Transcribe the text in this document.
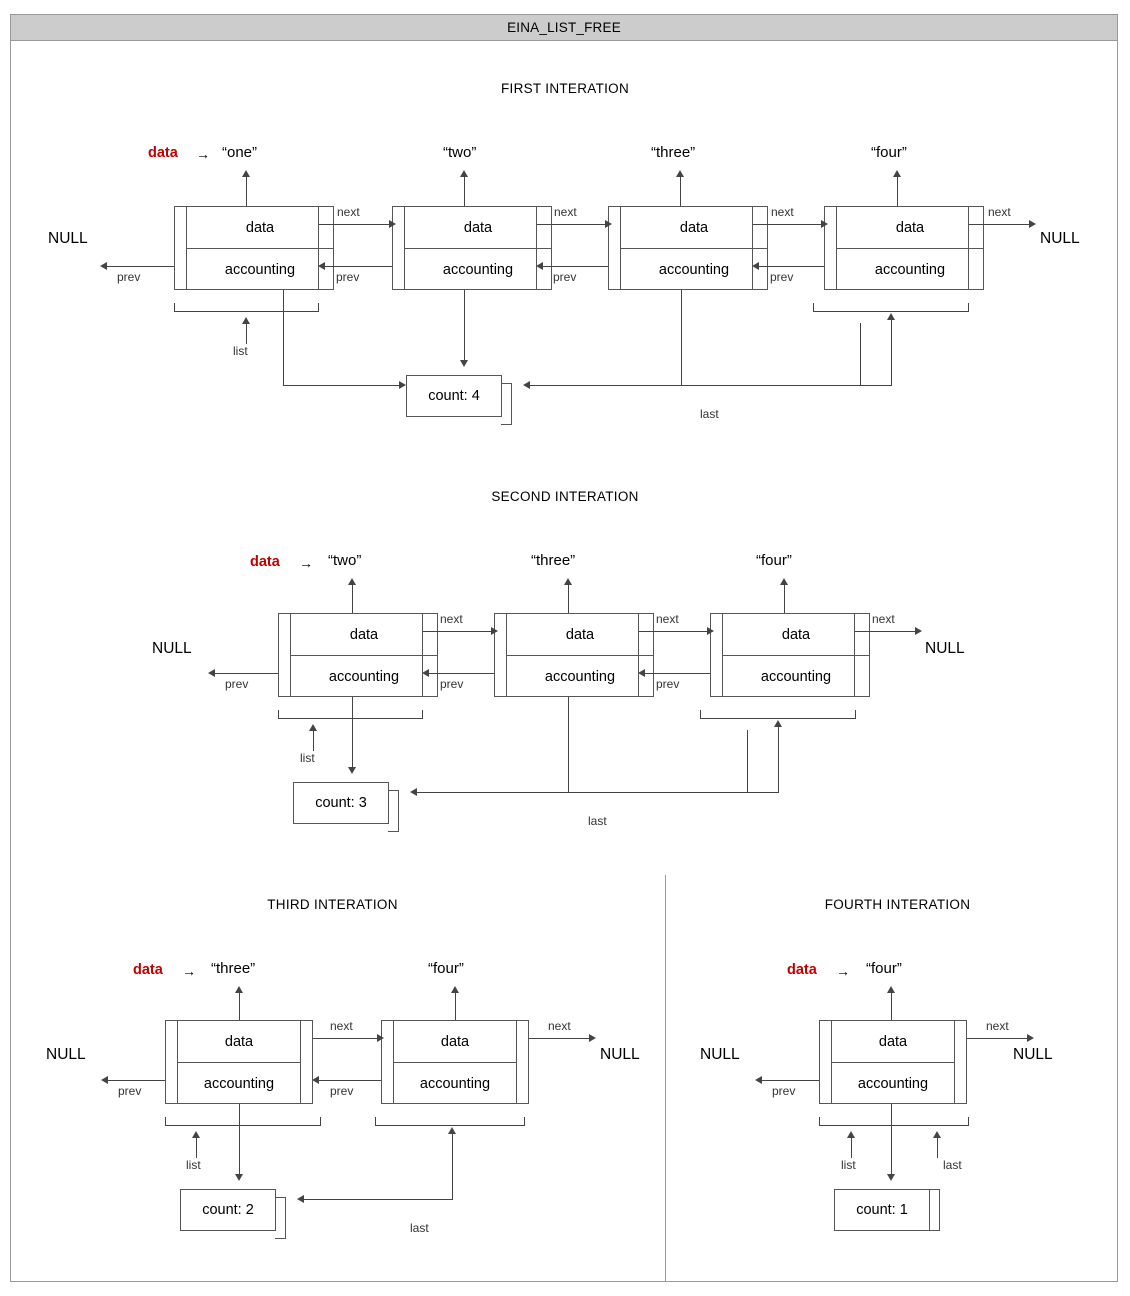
EINA_LIST_FREE
FIRST INTERATION
data → “one”	“two”	“three”	“four”
data
accounting
data
accounting
data
accounting
data
accounting
NULL	NULL
next	next	next	next
prev	prev	prev	prev
list
count: 4
last
SECOND INTERATION
data → “two”	“three”	“four”
data
accounting
data
accounting
data
accounting
NULL	NULL
next	next	next
prev	prev	prev
list
count: 3
last
THIRD INTERATION
data → “three”	“four”
data
accounting
data
accounting
NULL	NULL
next	next
prev	prev
list
count: 2
last
FOURTH INTERATION
data → “four”
data
accounting
NULL	NULL
next
prev
list	last
count: 1
